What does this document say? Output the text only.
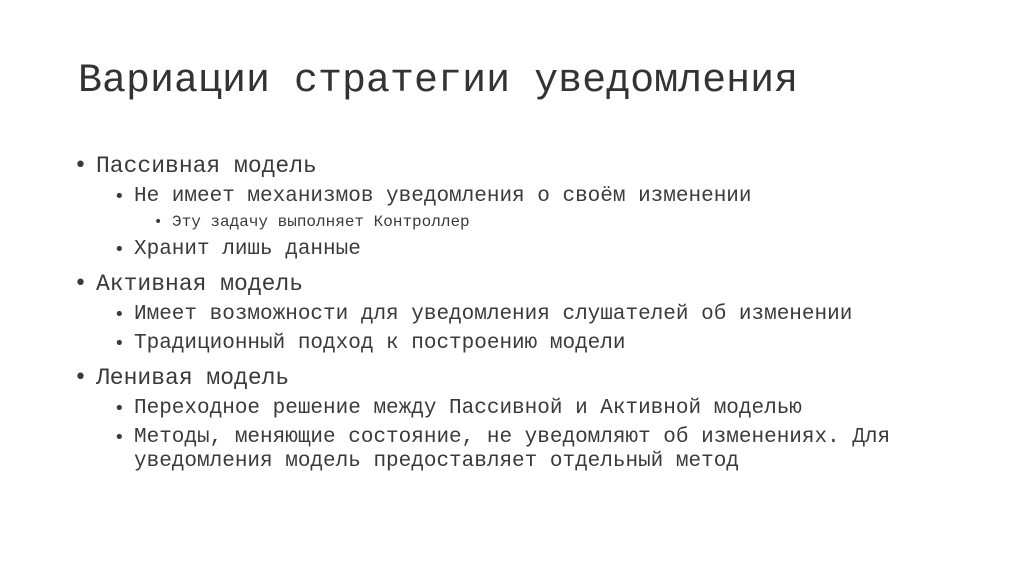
Вариации стратегии уведомления
• Пассивная модель
• Не имеет механизмов уведомления о своём изменении
• Эту задачу выполняет Контроллер
• Хранит лишь данные
• Активная модель
• Имеет возможности для уведомления слушателей об изменении
• Традиционный подход к построению модели
• Ленивая модель
• Переходное решение между Пассивной и Активной моделью
• Методы, меняющие состояние, не уведомляют об изменениях. Для уведомления модель предоставляет отдельный метод
